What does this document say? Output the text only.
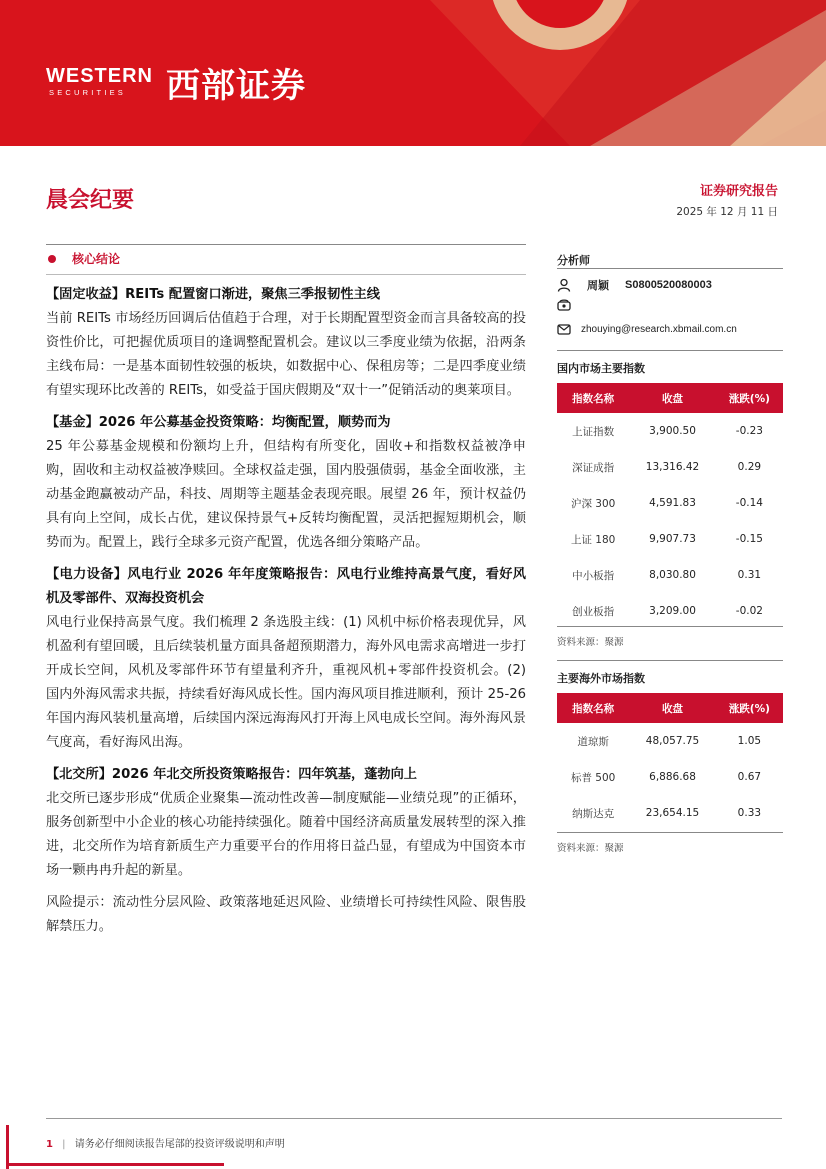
WESTERN
SECURITIES 西部证券
晨会纪要	证券研究报告
2025 年 12 月 11 日
核心结论

【固定收益】REITs 配置窗口渐进，聚焦三季报韧性主线

当前 REITs 市场经历回调后估值趋于合理，对于长期配置型资金而言具备较高的投资性价比，可把握优质项目的逢调整配置机会。建议以三季度业绩为依据，沿两条主线布局：一是基本面韧性较强的板块，如数据中心、保租房等；二是四季度业绩有望实现环比改善的 REITs，如受益于国庆假期及“双十一”促销活动的奥莱项目。

【基金】2026 年公募基金投资策略：均衡配置，顺势而为

25 年公募基金规模和份额均上升，但结构有所变化，固收+和指数权益被净申购，固收和主动权益被净赎回。全球权益走强，国内股强债弱，基金全面收涨，主动基金跑赢被动产品，科技、周期等主题基金表现亮眼。展望 26 年，预计权益仍具有向上空间，成长占优，建议保持景气+反转均衡配置，灵活把握短期机会，顺势而为。配置上，践行全球多元资产配置，优选各细分策略产品。

【电力设备】风电行业 2026 年年度策略报告：风电行业维持高景气度，看好风机及零部件、双海投资机会

风电行业保持高景气度。我们梳理 2 条选股主线：(1) 风机中标价格表现优异，风机盈利有望回暖，且后续装机量方面具备超预期潜力，海外风电需求高增进一步打开成长空间，风机及零部件环节有望量利齐升，重视风机+零部件投资机会。(2) 国内外海风需求共振，持续看好海风成长性。国内海风项目推进顺利，预计 25-26 年国内海风装机量高增，后续国内深远海海风打开海上风电成长空间。海外海风景气度高，看好海风出海。

【北交所】2026 年北交所投资策略报告：四年筑基，蓬勃向上

北交所已逐步形成“优质企业聚集—流动性改善—制度赋能—业绩兑现”的正循环，服务创新型中小企业的核心功能持续强化。随着中国经济高质量发展转型的深入推进，北交所作为培育新质生产力重要平台的作用将日益凸显，有望成为中国资本市场一颗冉冉升起的新星。

风险提示：流动性分层风险、政策落地延迟风险、业绩增长可持续性风险、限售股解禁压力。

分析师
周颖 S0800520080003
zhouying@research.xbmail.com.cn
国内市场主要指数
指数名称	收盘	涨跌(%)
上证指数	3,900.50	-0.23
深证成指	13,316.42	0.29
沪深 300	4,591.83	-0.14
上证 180	9,907.73	-0.15
中小板指	8,030.80	0.31
创业板指	3,209.00	-0.02
资料来源：聚源
主要海外市场指数
指数名称	收盘	涨跌(%)
道琼斯	48,057.75	1.05
标普 500	6,886.68	0.67
纳斯达克	23,654.15	0.33
资料来源：聚源
1 | 请务必仔细阅读报告尾部的投资评级说明和声明
